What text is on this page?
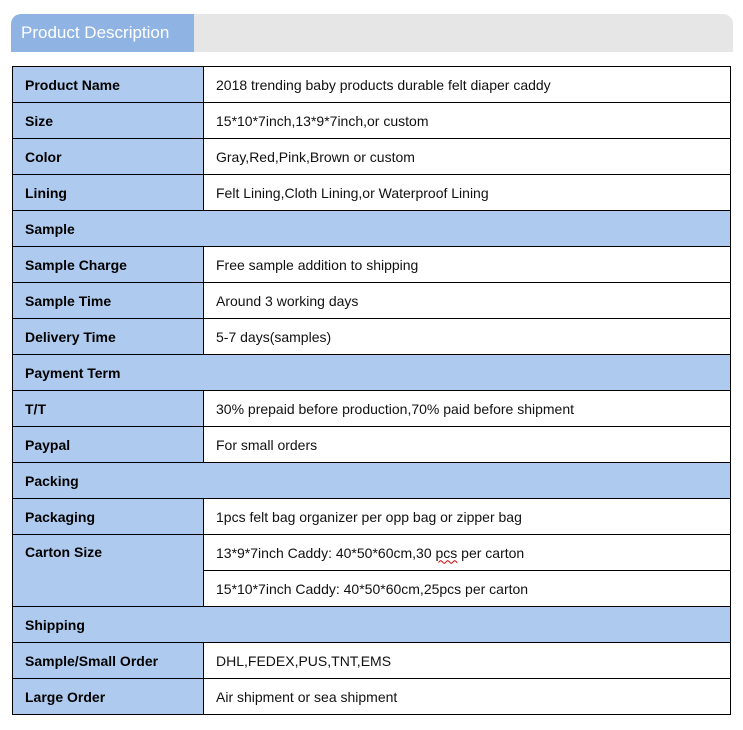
Product Description
Product Name	2018 trending baby products durable felt diaper caddy
Size	15*10*7inch,13*9*7inch,or custom
Color	Gray,Red,Pink,Brown or custom
Lining	Felt Lining,Cloth Lining,or Waterproof Lining
Sample	
Sample Charge	Free sample addition to shipping
Sample Time	Around 3 working days
Delivery Time	5-7 days(samples)
Payment Term	
T/T	30% prepaid before production,70% paid before shipment
Paypal	For small orders
Packing	
Packaging	1pcs felt bag organizer per opp bag or zipper bag
Carton Size	13*9*7inch Caddy: 40*50*60cm,30 pcs per carton
	15*10*7inch Caddy: 40*50*60cm,25pcs per carton
Shipping	
Sample/Small Order	DHL,FEDEX,PUS,TNT,EMS
Large Order	Air shipment or sea shipment
